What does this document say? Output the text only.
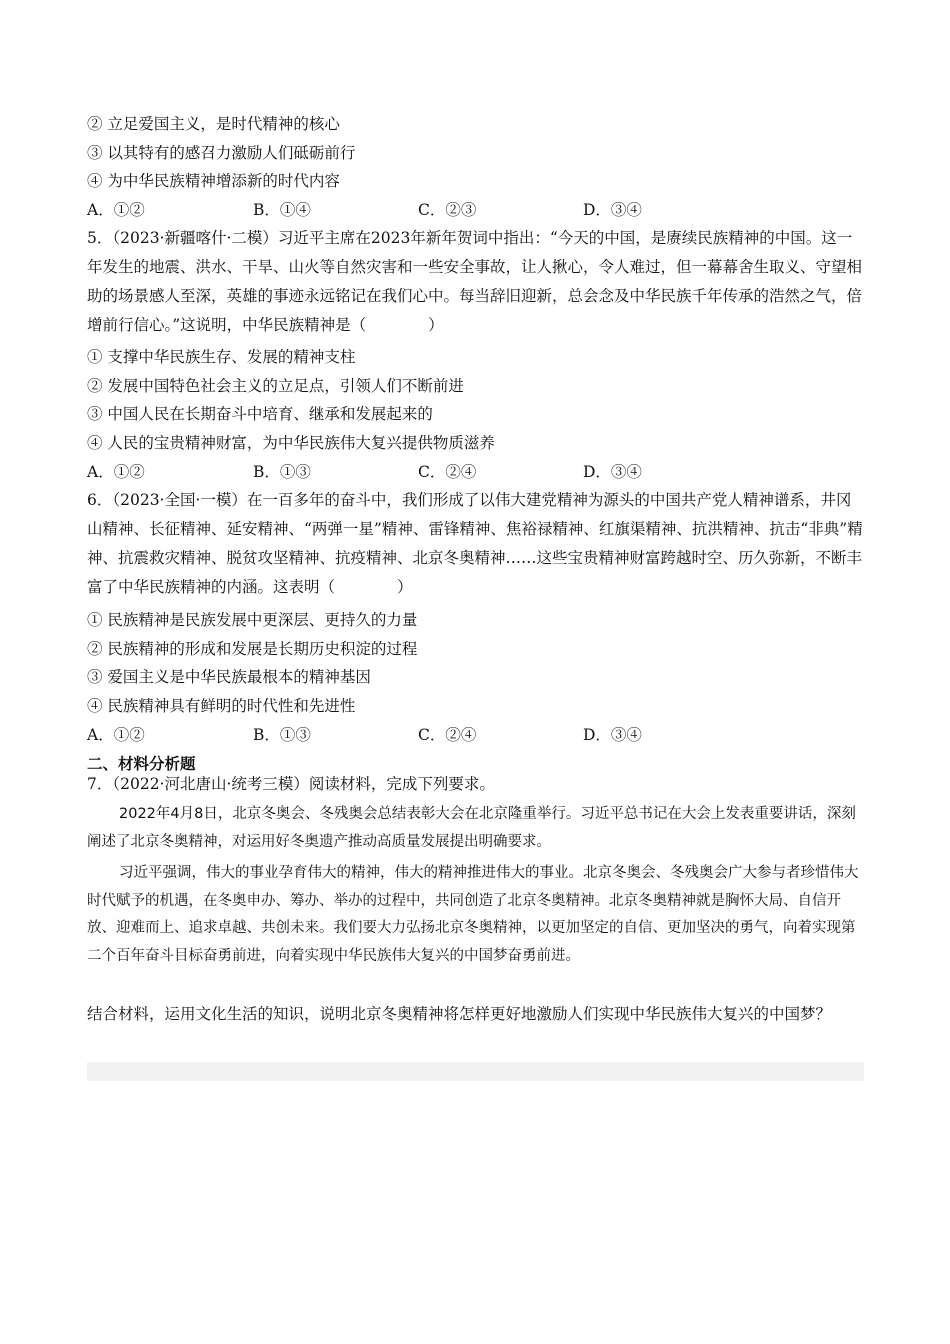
② 立足爱国主义，是时代精神的核心
③ 以其特有的感召力激励人们砥砺前行
④ 为中华民族精神增添新的时代内容
A．①②	B．①④	C．②③	D．③④
5．（2023·新疆喀什·二模）习近平主席在2023年新年贺词中指出：“今天的中国，是赓续民族精神的中国。这一年发生的地震、洪水、干旱、山火等自然灾害和一些安全事故，让人揪心，令人难过，但一幕幕舍生取义、守望相助的场景感人至深，英雄的事迹永远铭记在我们心中。每当辞旧迎新，总会念及中华民族千年传承的浩然之气，倍增前行信心。”这说明，中华民族精神是（　　　　）
① 支撑中华民族生存、发展的精神支柱
② 发展中国特色社会主义的立足点，引领人们不断前进
③ 中国人民在长期奋斗中培育、继承和发展起来的
④ 人民的宝贵精神财富，为中华民族伟大复兴提供物质滋养
A．①②	B．①③	C．②④	D．③④
6．（2023·全国·一模）在一百多年的奋斗中，我们形成了以伟大建党精神为源头的中国共产党人精神谱系，井冈山精神、长征精神、延安精神、“两弹一星”精神、雷锋精神、焦裕禄精神、红旗渠精神、抗洪精神、抗击“非典”精神、抗震救灾精神、脱贫攻坚精神、抗疫精神、北京冬奥精神……这些宝贵精神财富跨越时空、历久弥新，不断丰富了中华民族精神的内涵。这表明（　　　　）
① 民族精神是民族发展中更深层、更持久的力量
② 民族精神的形成和发展是长期历史积淀的过程
③ 爱国主义是中华民族最根本的精神基因
④ 民族精神具有鲜明的时代性和先进性
A．①②	B．①③	C．②④	D．③④
二、材料分析题
7．（2022·河北唐山·统考三模）阅读材料，完成下列要求。
2022年4月8日，北京冬奥会、冬残奥会总结表彰大会在北京隆重举行。习近平总书记在大会上发表重要讲话，深刻阐述了北京冬奥精神，对运用好冬奥遗产推动高质量发展提出明确要求。
习近平强调，伟大的事业孕育伟大的精神，伟大的精神推进伟大的事业。北京冬奥会、冬残奥会广大参与者珍惜伟大时代赋予的机遇，在冬奥申办、筹办、举办的过程中，共同创造了北京冬奥精神。北京冬奥精神就是胸怀大局、自信开放、迎难而上、追求卓越、共创未来。我们要大力弘扬北京冬奥精神，以更加坚定的自信、更加坚决的勇气，向着实现第二个百年奋斗目标奋勇前进，向着实现中华民族伟大复兴的中国梦奋勇前进。
结合材料，运用文化生活的知识，说明北京冬奥精神将怎样更好地激励人们实现中华民族伟大复兴的中国梦？
